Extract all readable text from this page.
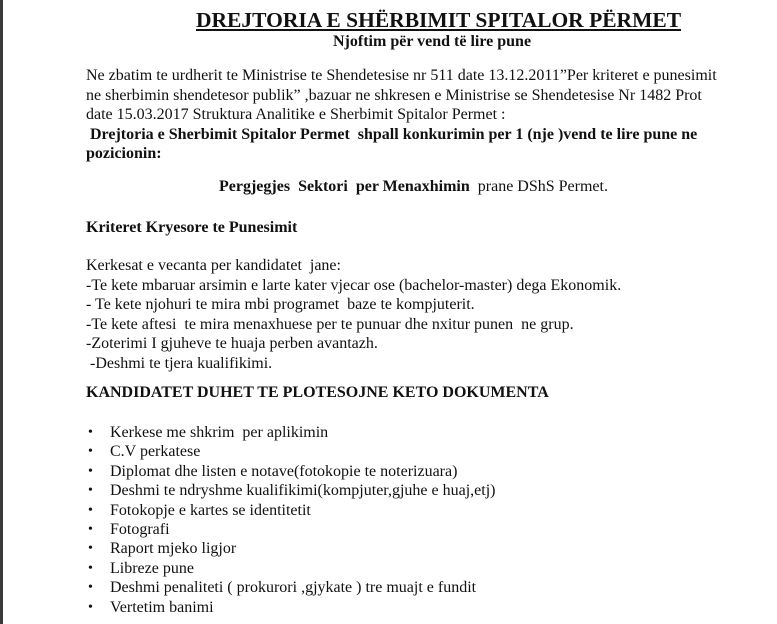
DREJTORIA E SHËRBIMIT SPITALOR PËRMET
Njoftim për vend të lire pune
Ne zbatim te urdherit te Ministrise te Shendetesise nr 511 date 13.12.2011”Per kriteret e punesimit
ne sherbimin shendetesor publik” ,bazuar ne shkresen e Ministrise se Shendetesise Nr 1482 Prot
date 15.03.2017 Struktura Analitike e Sherbimit Spitalor Permet :
Drejtoria e Sherbimit Spitalor Permet  shpall konkurimin per 1 (nje )vend te lire pune ne
pozicionin:
Pergjegjes  Sektori  per Menaxhimin  prane DShS Permet.
Kriteret Kryesore te Punesimit
Kerkesat e vecanta per kandidatet  jane:
-Te kete mbaruar arsimin e larte kater vjecar ose (bachelor-master) dega Ekonomik.
- Te kete njohuri te mira mbi programet  baze te kompjuterit.
-Te kete aftesi  te mira menaxhuese per te punuar dhe nxitur punen  ne grup.
-Zoterimi I gjuheve te huaja perben avantazh.
-Deshmi te tjera kualifikimi.
KANDIDATET DUHET TE PLOTESOJNE KETO DOKUMENTA
• Kerkese me shkrim  per aplikimin
• C.V perkatese
• Diplomat dhe listen e notave(fotokopie te noterizuara)
• Deshmi te ndryshme kualifikimi(kompjuter,gjuhe e huaj,etj)
• Fotokopje e kartes se identitetit
• Fotografi
• Raport mjeko ligjor
• Libreze pune
• Deshmi penaliteti ( prokurori ,gjykate ) tre muajt e fundit
• Vertetim banimi
